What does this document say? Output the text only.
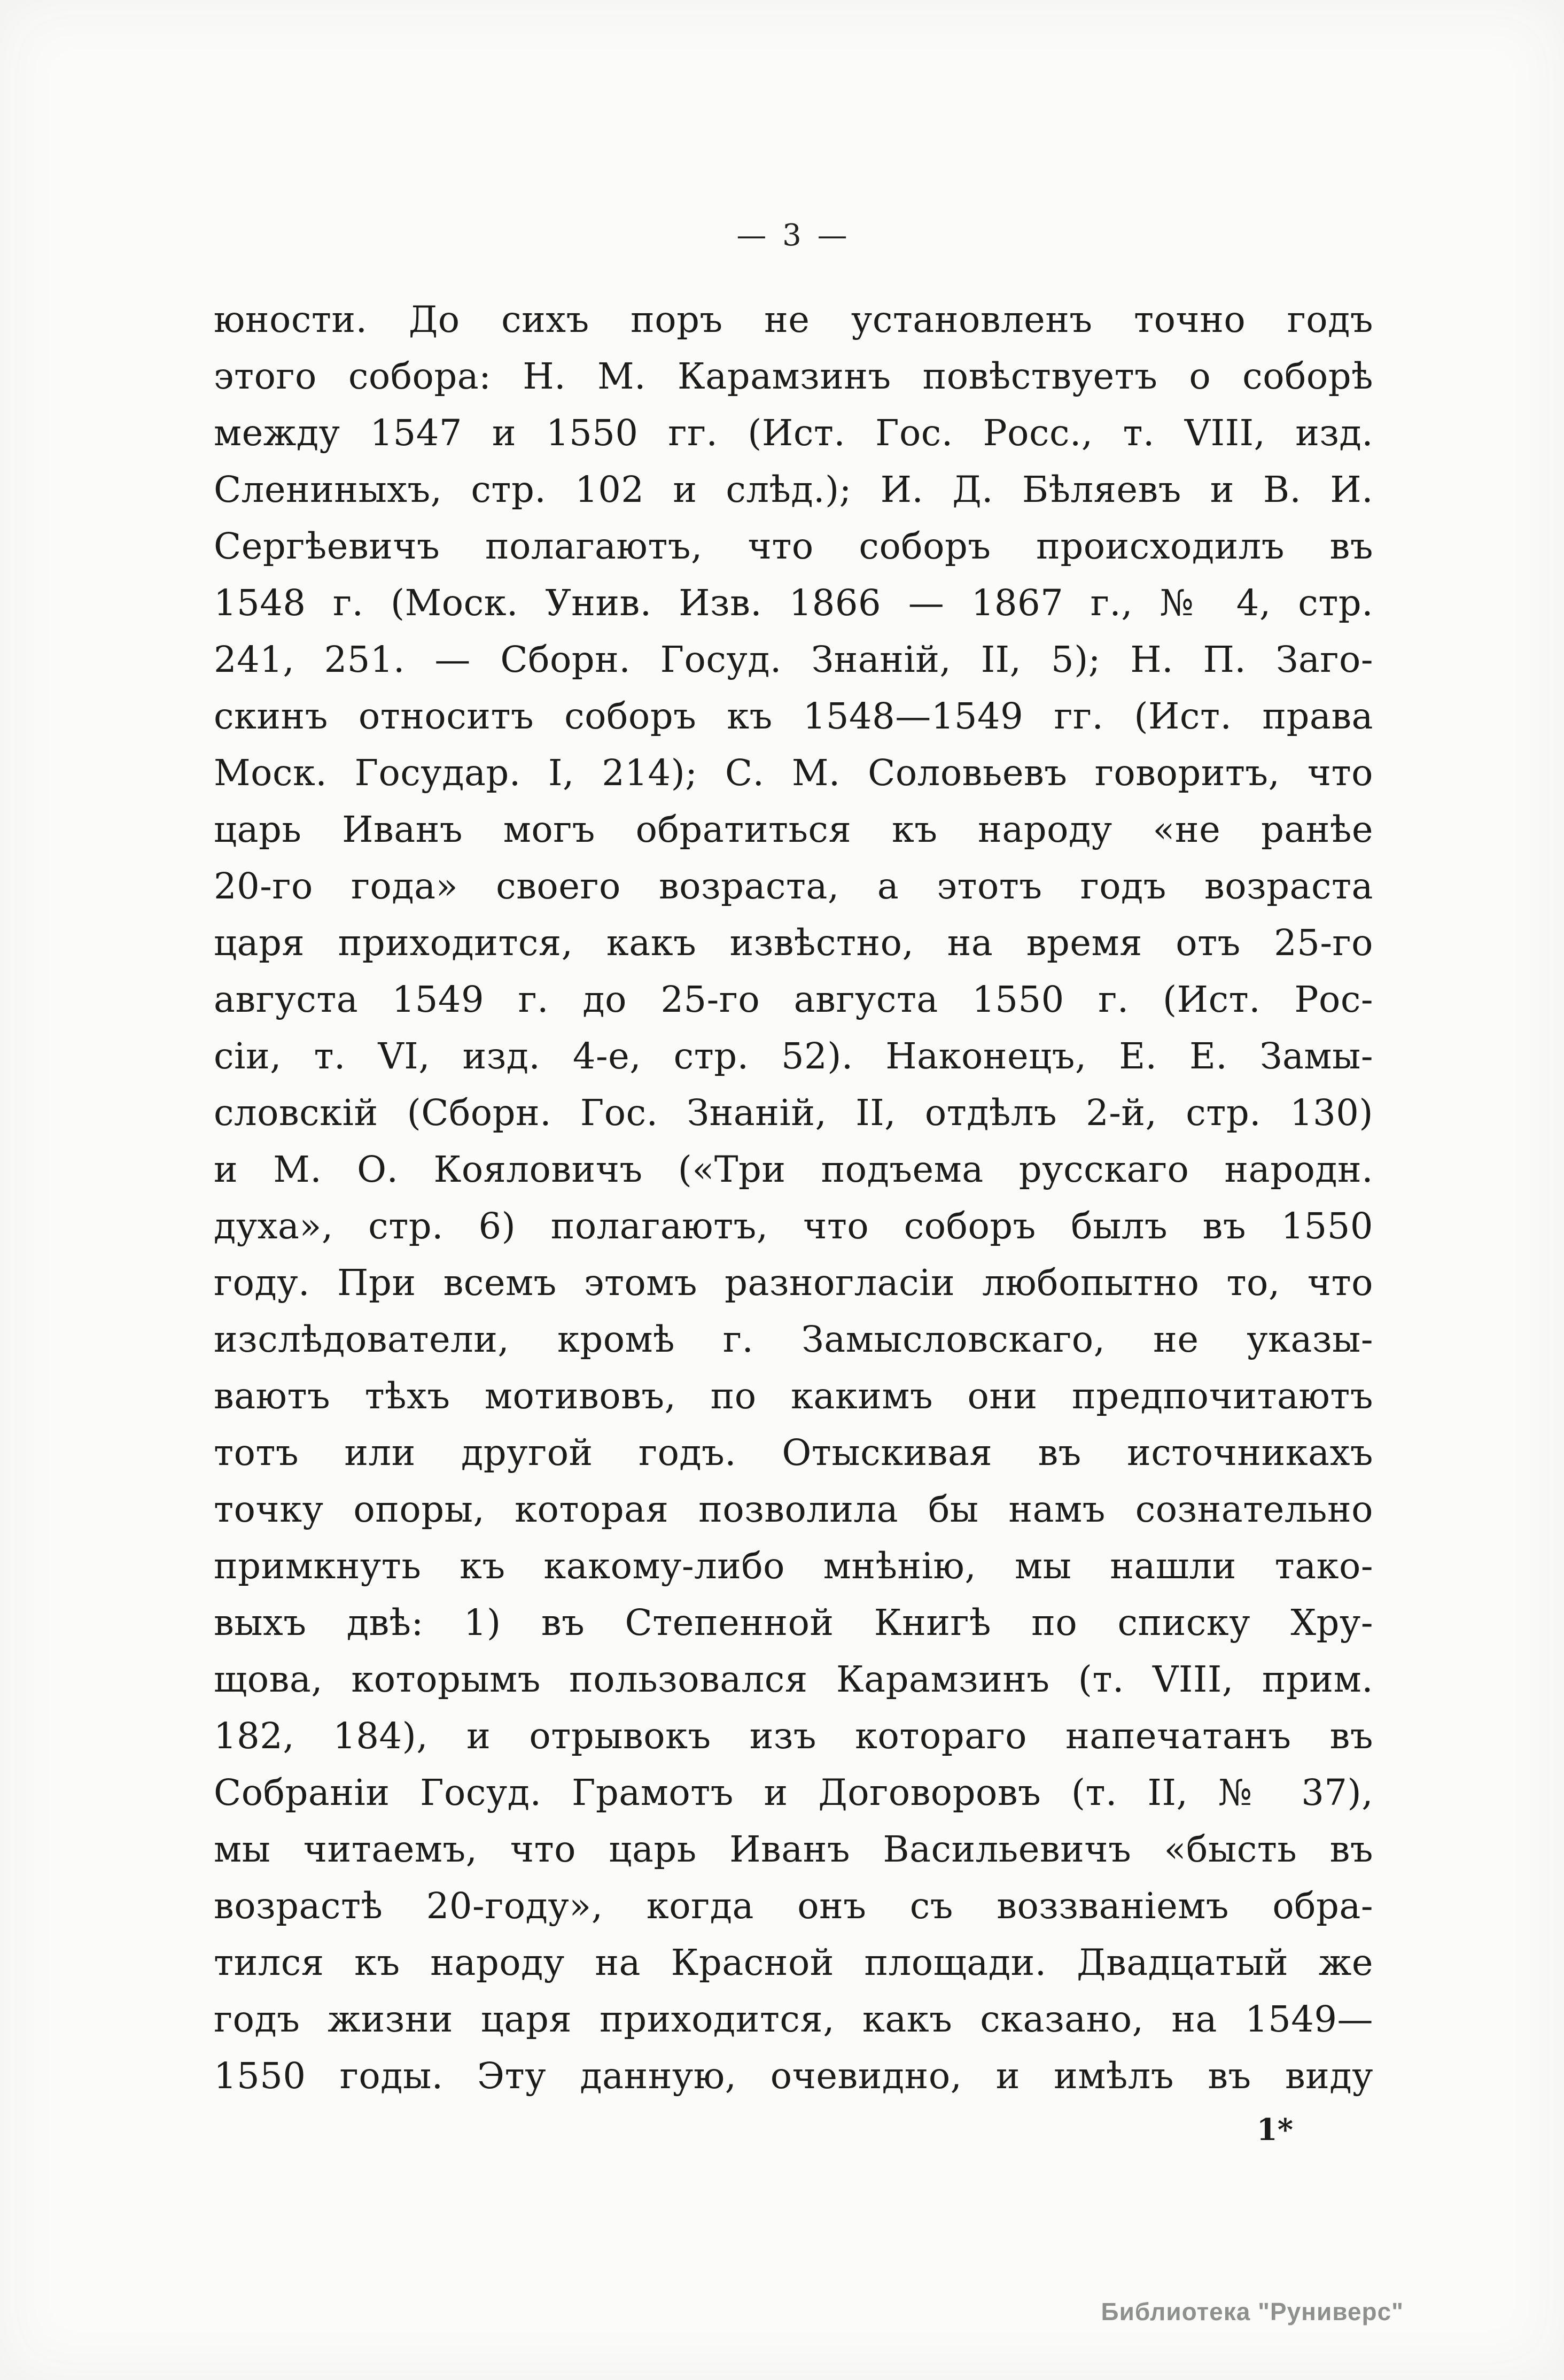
— 3 —
юности. До сихъ поръ не установленъ точно годъ
этого собора: Н. М. Карамзинъ повѣствуетъ о соборѣ
между 1547 и 1550 гг. (Ист. Гос. Росс., т. VIII, изд.
Слениныхъ, стр. 102 и слѣд.); И. Д. Бѣляевъ и В. И.
Сергѣевичъ полагаютъ, что соборъ происходилъ въ
1548 г. (Моск. Унив. Изв. 1866 — 1867 г., № 4, стр.
241, 251. — Сборн. Госуд. Знаній, II, 5); Н. П. Заго-
скинъ относитъ соборъ къ 1548—1549 гг. (Ист. права
Моск. Государ. I, 214); С. М. Соловьевъ говоритъ, что
царь Иванъ могъ обратиться къ народу «не ранѣе
20-го года» своего возраста, а этотъ годъ возраста
царя приходится, какъ извѣстно, на время отъ 25-го
августа 1549 г. до 25-го августа 1550 г. (Ист. Рос-
сіи, т. VI, изд. 4-е, стр. 52). Наконецъ, Е. Е. Замы-
словскій (Сборн. Гос. Знаній, II, отдѣлъ 2-й, стр. 130)
и М. О. Кояловичъ («Три подъема русскаго народн.
духа», стр. 6) полагаютъ, что соборъ былъ въ 1550
году. При всемъ этомъ разногласіи любопытно то, что
изслѣдователи, кромѣ г. Замысловскаго, не указы-
ваютъ тѣхъ мотивовъ, по какимъ они предпочитаютъ
тотъ или другой годъ. Отыскивая въ источникахъ
точку опоры, которая позволила бы намъ сознательно
примкнуть къ какому-либо мнѣнію, мы нашли тако-
выхъ двѣ: 1) въ Степенной Книгѣ по списку Хру-
щова, которымъ пользовался Карамзинъ (т. VIII, прим.
182, 184), и отрывокъ изъ котораго напечатанъ въ
Собраніи Госуд. Грамотъ и Договоровъ (т. II, № 37),
мы читаемъ, что царь Иванъ Васильевичъ «бысть въ
возрастѣ 20-году», когда онъ съ воззваніемъ обра-
тился къ народу на Красной площади. Двадцатый же
годъ жизни царя приходится, какъ сказано, на 1549—
1550 годы. Эту данную, очевидно, и имѣлъ въ виду
1*
Библиотека "Руниверс"
